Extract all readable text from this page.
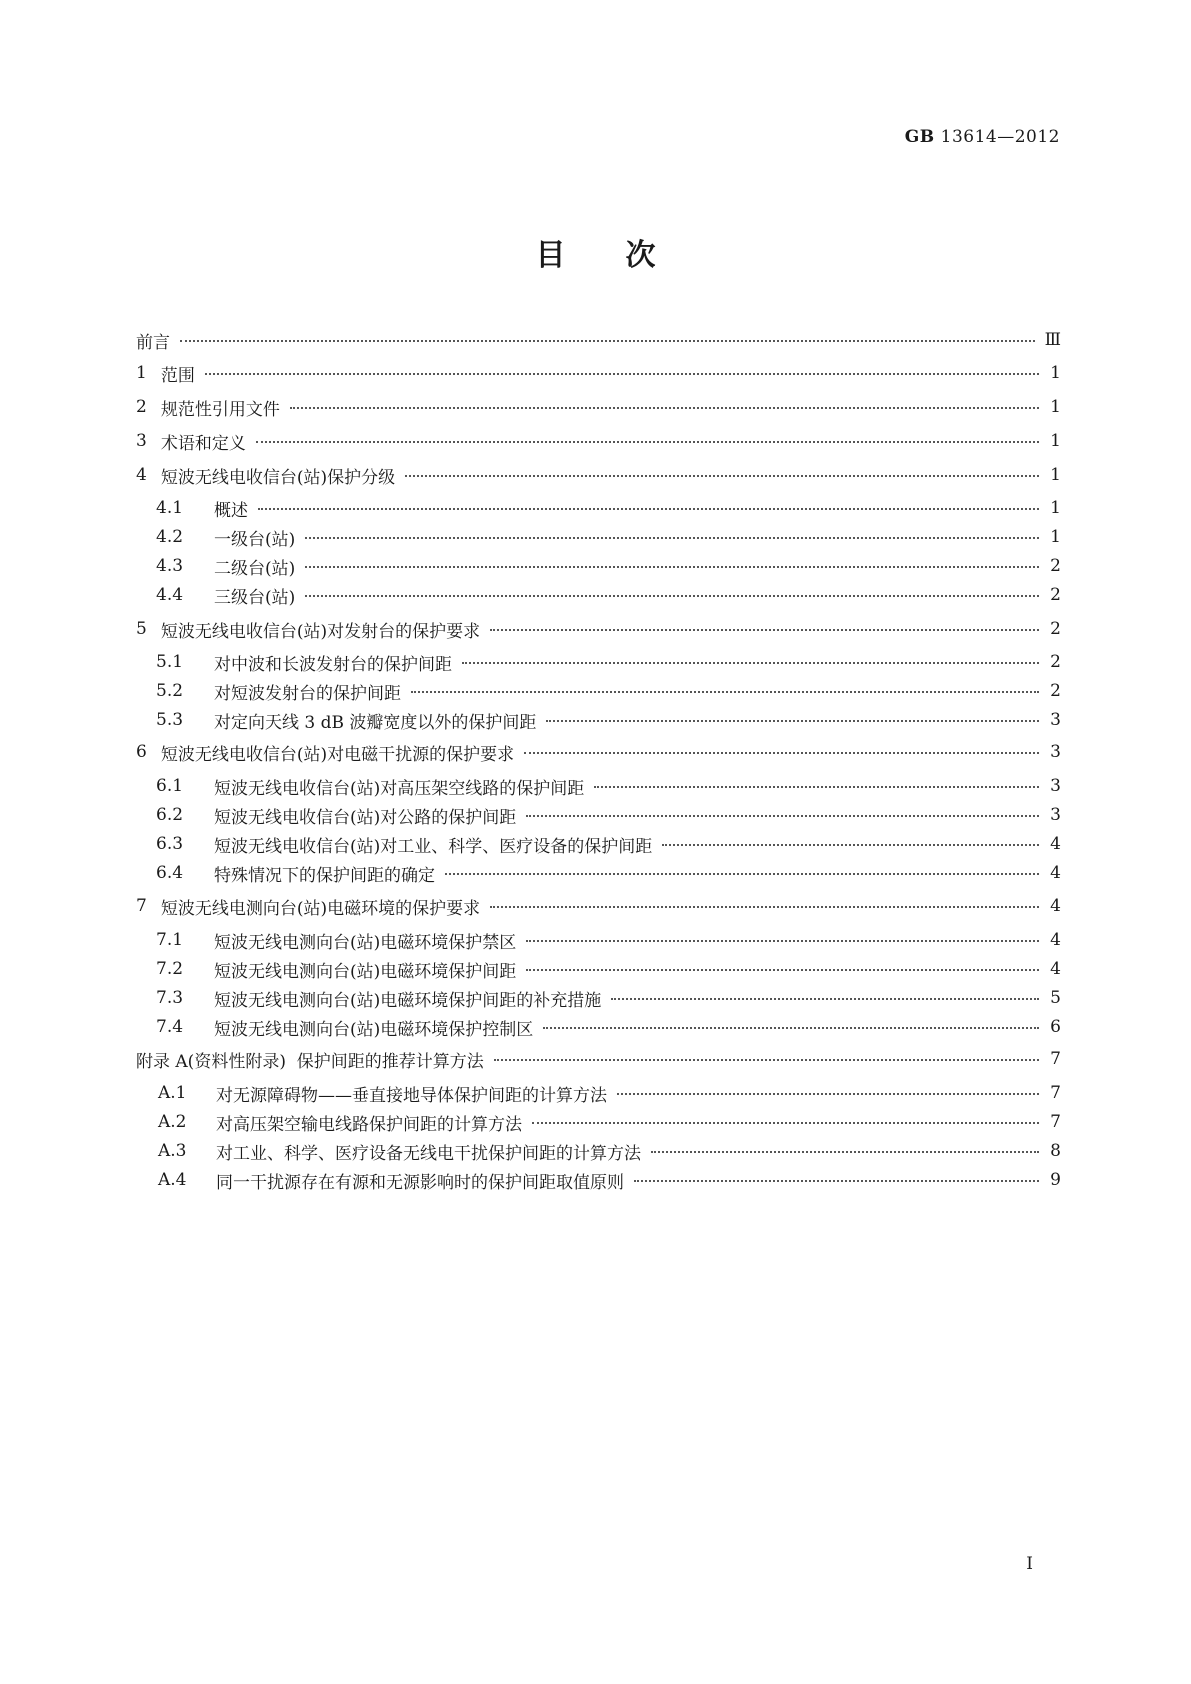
GB 13614—2012
目次
前言	Ⅲ
1 范围	1
2 规范性引用文件	1
3 术语和定义	1
4 短波无线电收信台(站)保护分级	1
4.1	概述	1
4.2	一级台(站)	1
4.3	二级台(站)	2
4.4	三级台(站)	2
5 短波无线电收信台(站)对发射台的保护要求	2
5.1	对中波和长波发射台的保护间距	2
5.2	对短波发射台的保护间距	2
5.3	对定向天线 3 dB 波瓣宽度以外的保护间距	3
6 短波无线电收信台(站)对电磁干扰源的保护要求	3
6.1	短波无线电收信台(站)对高压架空线路的保护间距	3
6.2	短波无线电收信台(站)对公路的保护间距	3
6.3	短波无线电收信台(站)对工业、科学、医疗设备的保护间距	4
6.4	特殊情况下的保护间距的确定	4
7 短波无线电测向台(站)电磁环境的保护要求	4
7.1	短波无线电测向台(站)电磁环境保护禁区	4
7.2	短波无线电测向台(站)电磁环境保护间距	4
7.3	短波无线电测向台(站)电磁环境保护间距的补充措施	5
7.4	短波无线电测向台(站)电磁环境保护控制区	6
附录 A(资料性附录)  保护间距的推荐计算方法	7
A.1	对无源障碍物——垂直接地导体保护间距的计算方法	7
A.2	对高压架空输电线路保护间距的计算方法	7
A.3	对工业、科学、医疗设备无线电干扰保护间距的计算方法	8
A.4	同一干扰源存在有源和无源影响时的保护间距取值原则	9
I
